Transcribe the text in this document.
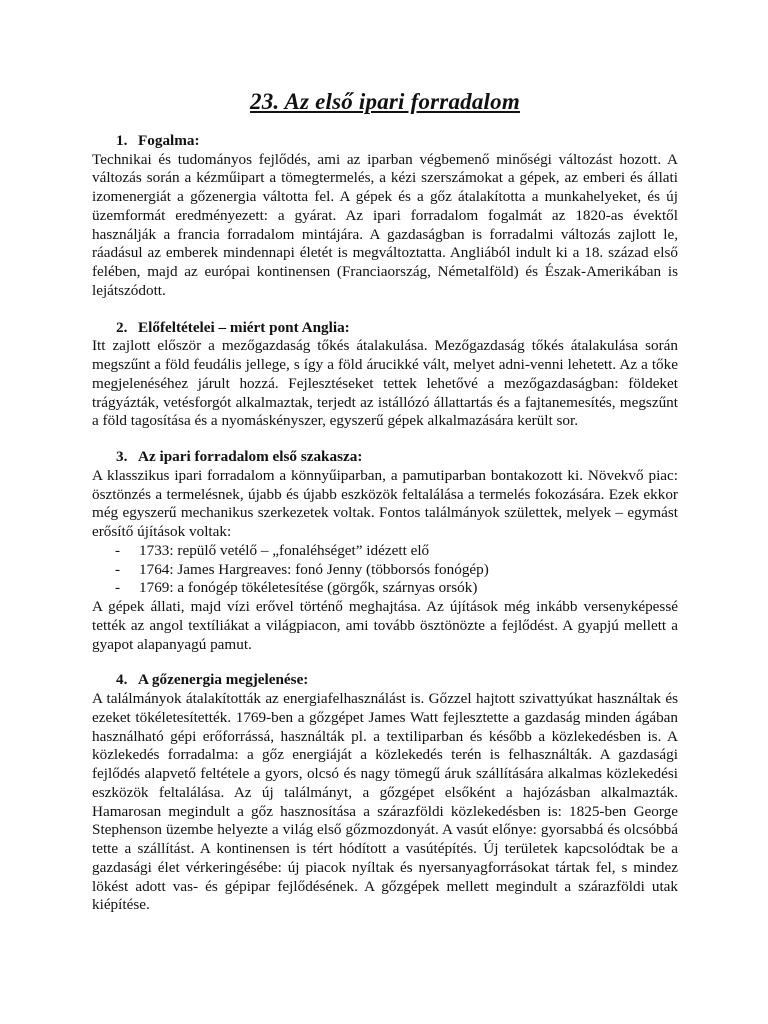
23. Az első ipari forradalom
1. Fogalma:

Technikai és tudományos fejlődés, ami az iparban végbemenő minőségi változást hozott. A változás során a kézműipart a tömegtermelés, a kézi szerszámokat a gépek, az emberi és állati izomenergiát a gőzenergia váltotta fel. A gépek és a gőz átalakította a munkahelyeket, és új üzemformát eredményezett: a gyárat. Az ipari forradalom fogalmát az 1820-as évektől használják a francia forradalom mintájára. A gazdaságban is forradalmi változás zajlott le, ráadásul az emberek mindennapi életét is megváltoztatta. Angliából indult ki a 18. század első felében, majd az európai kontinensen (Franciaország, Németalföld) és Észak-Amerikában is lejátszódott.

2. Előfeltételei – miért pont Anglia:

Itt zajlott először a mezőgazdaság tőkés átalakulása. Mezőgazdaság tőkés átalakulása során megszűnt a föld feudális jellege, s így a föld árucikké vált, melyet adni-venni lehetett. Az a tőke megjelenéséhez járult hozzá. Fejlesztéseket tettek lehetővé a mezőgazdaságban: földeket trágyázták, vetésforgót alkalmaztak, terjedt az istállózó állattartás és a fajtanemesítés, megszűnt a föld tagosítása és a nyomáskényszer, egyszerű gépek alkalmazására került sor.

3. Az ipari forradalom első szakasza:

A klasszikus ipari forradalom a könnyűiparban, a pamutiparban bontakozott ki. Növekvő piac: ösztönzés a termelésnek, újabb és újabb eszközök feltalálása a termelés fokozására. Ezek ekkor még egyszerű mechanikus szerkezetek voltak. Fontos találmányok születtek, melyek – egymást erősítő újítások voltak:

- 1733: repülő vetélő – „fonaléhséget” idézett elő
- 1764: James Hargreaves: fonó Jenny (többorsós fonógép)
- 1769: a fonógép tökéletesítése (görgők, szárnyas orsók)

A gépek állati, majd vízi erővel történő meghajtása. Az újítások még inkább versenyképessé tették az angol textíliákat a világpiacon, ami tovább ösztönözte a fejlődést. A gyapjú mellett a gyapot alapanyagú pamut.

4. A gőzenergia megjelenése:

A találmányok átalakították az energiafelhasználást is. Gőzzel hajtott szivattyúkat használtak és ezeket tökéletesítették. 1769-ben a gőzgépet James Watt fejlesztette a gazdaság minden ágában használható gépi erőforrássá, használták pl. a textiliparban és később a közlekedésben is. A közlekedés forradalma: a gőz energiáját a közlekedés terén is felhasználták. A gazdasági fejlődés alapvető feltétele a gyors, olcsó és nagy tömegű áruk szállítására alkalmas közlekedési eszközök feltalálása. Az új találmányt, a gőzgépet elsőként a hajózásban alkalmazták. Hamarosan megindult a gőz hasznosítása a szárazföldi közlekedésben is: 1825-ben George Stephenson üzembe helyezte a világ első gőzmozdonyát. A vasút előnye: gyorsabbá és olcsóbbá tette a szállítást. A kontinensen is tért hódított a vasútépítés. Új területek kapcsolódtak be a gazdasági élet vérkeringésébe: új piacok nyíltak és nyersanyagforrásokat tártak fel, s mindez lökést adott vas- és gépipar fejlődésének. A gőzgépek mellett megindult a szárazföldi utak kiépítése.
